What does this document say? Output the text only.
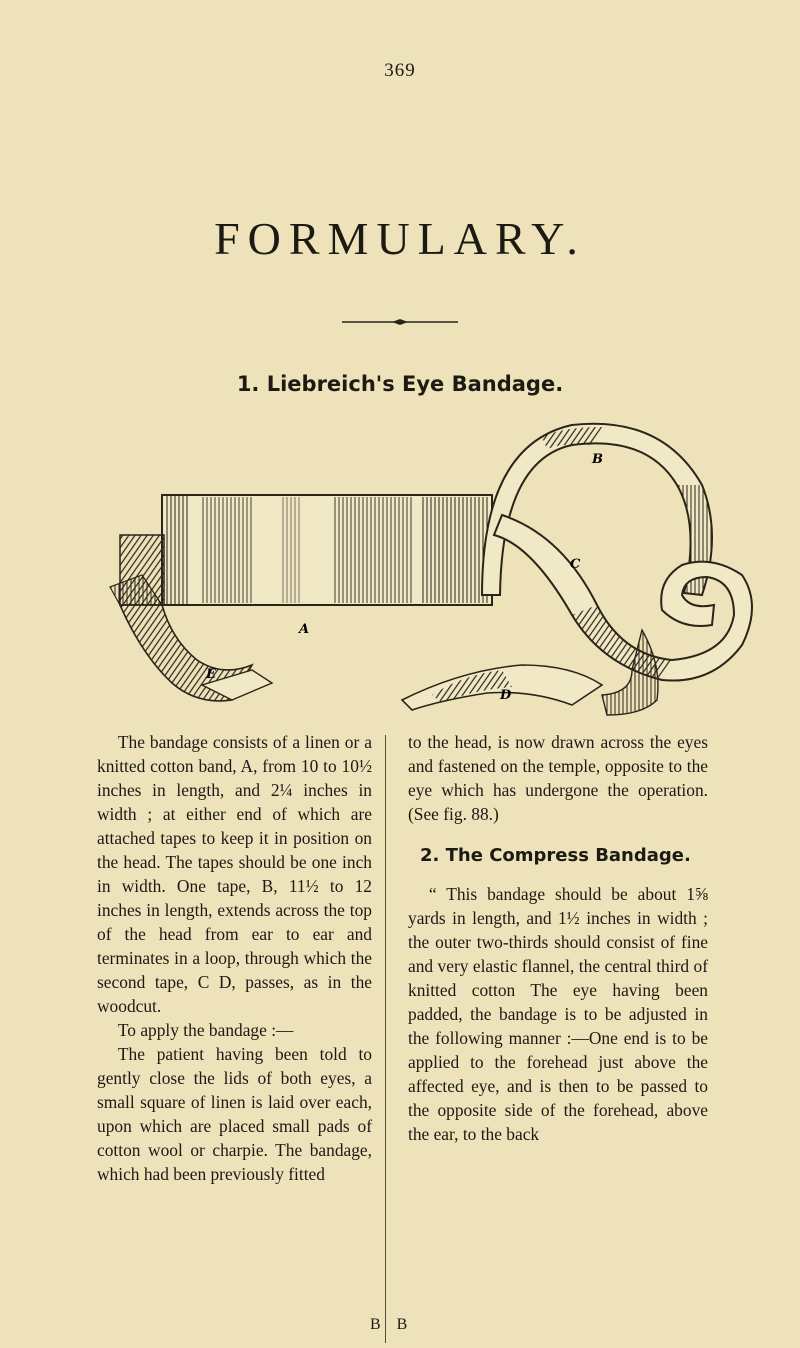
369
FORMULARY.
1. Liebreich's Eye Bandage.
A
B
C
D
E

The bandage consists of a linen or a knitted cotton band, A, from 10 to 10½ inches in length, and 2¼ inches in width ; at either end of which are attached tapes to keep it in position on the head. The tapes should be one inch in width. One tape, B, 11½ to 12 inches in length, extends across the top of the head from ear to ear and terminates in a loop, through which the second tape, C D, passes, as in the woodcut.

To apply the bandage :—

The patient having been told to gently close the lids of both eyes, a small square of linen is laid over each, upon which are placed small pads of cotton wool or charpie. The bandage, which had been previously fitted

to the head, is now drawn across the eyes and fastened on the temple, opposite to the eye which has undergone the operation. (See fig. 88.)

2. The Compress Bandage.

“ This bandage should be about 1⅝ yards in length, and 1½ inches in width ; the outer two-thirds should consist of fine and very elastic flannel, the central third of knitted cotton The eye having been padded, the bandage is to be adjusted in the following manner :—One end is to be applied to the forehead just above the affected eye, and is then to be passed to the opposite side of the forehead, above the ear, to the back

B B
